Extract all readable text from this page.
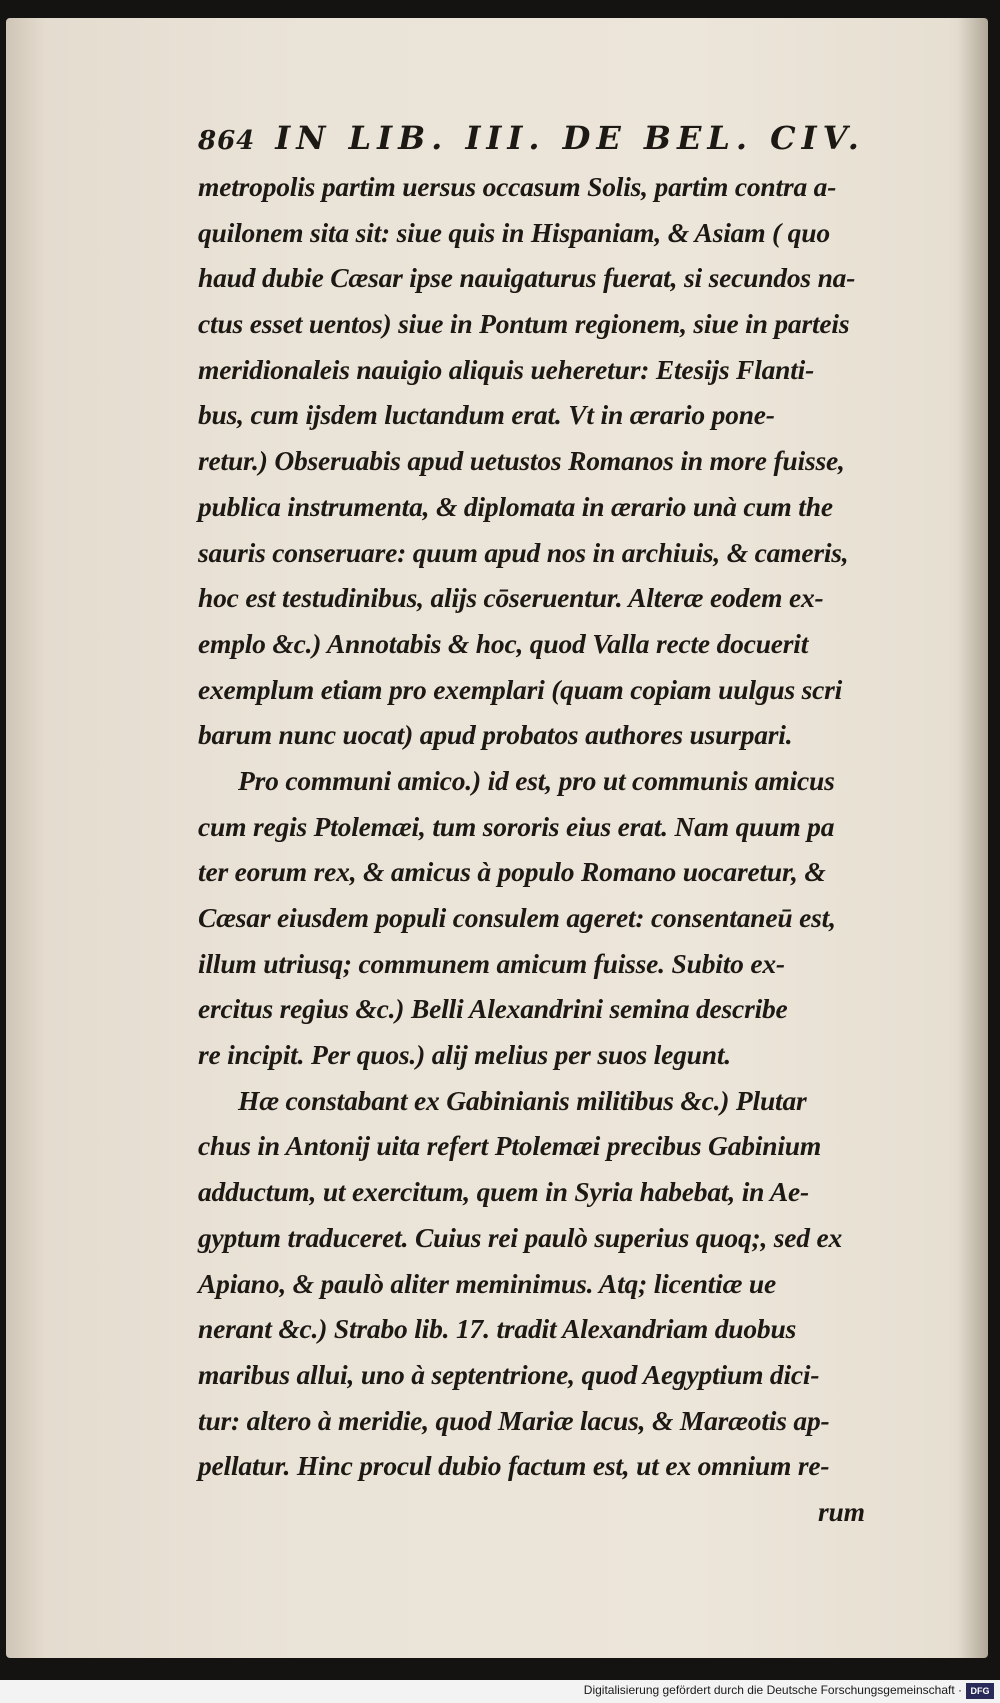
864 IN LIB. III. DE BEL. CIV.
metropolis partim uersus occasum Solis, partim contra a-
quilonem sita sit: siue quis in Hispaniam, & Asiam ( quo
haud dubie Cæsar ipse nauigaturus fuerat, si secundos na-
ctus esset uentos) siue in Pontum regionem, siue in parteis
meridionaleis nauigio aliquis ueheretur: Etesijs Flanti-
bus, cum ijsdem luctandum erat. Vt in ærario pone-
retur.) Obseruabis apud uetustos Romanos in more fuisse,
publica instrumenta, & diplomata in ærario unà cum the
sauris conseruare: quum apud nos in archiuis, & cameris,
hoc est testudinibus, alijs cōseruentur. Alteræ eodem ex-
emplo &c.) Annotabis & hoc, quod Valla recte docuerit
exemplum etiam pro exemplari (quam copiam uulgus scri
barum nunc uocat) apud probatos authores usurpari.
Pro communi amico.) id est, pro ut communis amicus
cum regis Ptolemæi, tum sororis eius erat. Nam quum pa
ter eorum rex, & amicus à populo Romano uocaretur, &
Cæsar eiusdem populi consulem ageret: consentaneū est,
illum utriusq; communem amicum fuisse. Subito ex-
ercitus regius &c.) Belli Alexandrini semina describe
re incipit. Per quos.) alij melius per suos legunt.
Hæ constabant ex Gabinianis militibus &c.) Plutar
chus in Antonij uita refert Ptolemæi precibus Gabinium
adductum, ut exercitum, quem in Syria habebat, in Ae-
gyptum traduceret. Cuius rei paulò superius quoq;, sed ex
Apiano, & paulò aliter meminimus. Atq; licentiæ ue
nerant &c.) Strabo lib. 17. tradit Alexandriam duobus
maribus allui, uno à septentrione, quod Aegyptium dici-
tur: altero à meridie, quod Mariæ lacus, & Maræotis ap-
pellatur. Hinc procul dubio factum est, ut ex omnium re-
rum
Digitalisierung gefördert durch die Deutsche Forschungsgemeinschaft · DFG
